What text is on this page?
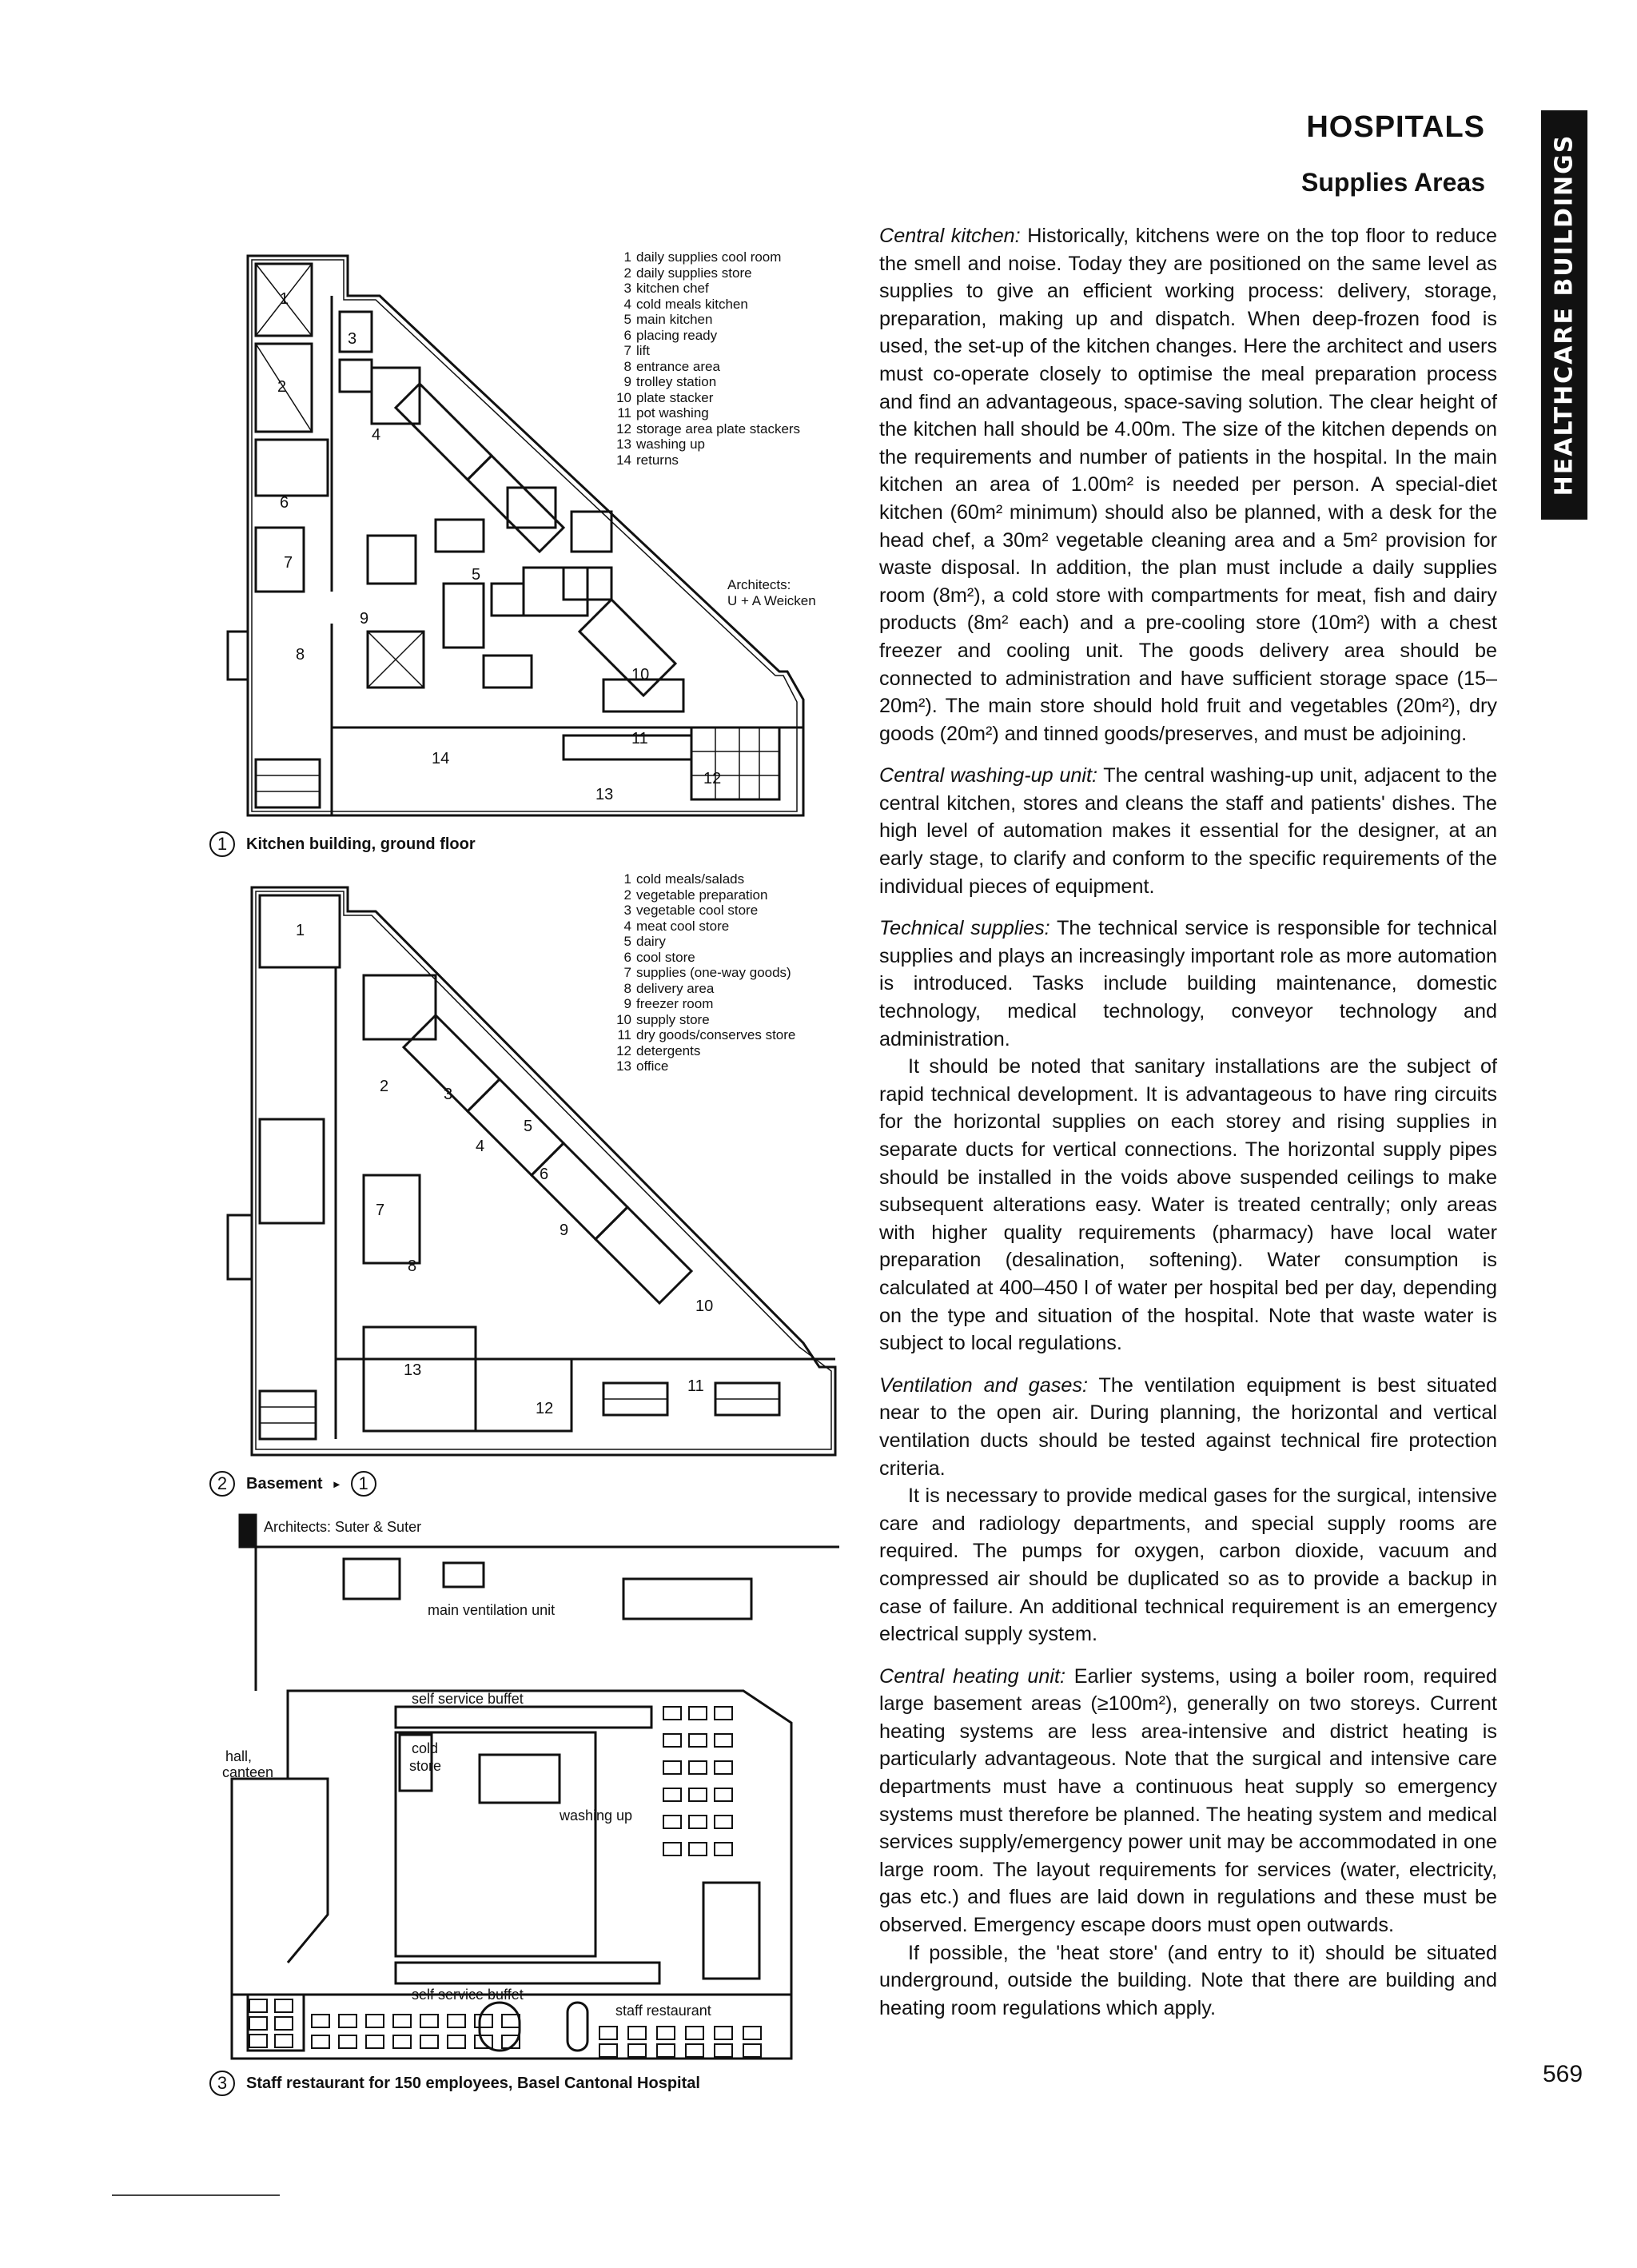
HOSPITALS
Supplies Areas	HEALTHCARE BUILDINGS
1
2
3
4
5
6
7
8
9
10
11
12
13
14
1 daily supplies cool room
2 daily supplies store
3 kitchen chef
4 cold meals kitchen
5 main kitchen
6 placing ready
7 lift
8 entrance area
9 trolley station
10 plate stacker
11 pot washing
12 storage area plate stackers
13 washing up
14 returns
Architects:
U + A Weicken
1	Kitchen building, ground floor
1
2	3
4
5
6
7
8
9
10
11
12
13
1 cold meals/salads
2 vegetable preparation
3 vegetable cool store
4 meat cool store
5 dairy
6 cool store
7 supplies (one-way goods)
8 delivery area
9 freezer room
10 supply store
11 dry goods/conserves store
12 detergents
13 office
2	Basement ▸	1
Architects: Suter & Suter
main ventilation unit
self service buffet
cold
store
washing up
self service buffet
staff restaurant
hall,
canteen
3	Staff restaurant for 150 employees, Basel Cantonal Hospital

Central kitchen: Historically, kitchens were on the top floor to reduce the smell and noise. Today they are positioned on the same level as supplies to give an efficient working process: delivery, storage, preparation, making up and dispatch. When deep-frozen food is used, the set-up of the kitchen changes. Here the architect and users must co-operate closely to optimise the meal preparation process and find an advantageous, space-saving solution. The clear height of the kitchen hall should be 4.00m. The size of the kitchen depends on the requirements and number of patients in the hospital. In the main kitchen an area of 1.00m² is needed per person. A special-diet kitchen (60m² minimum) should also be planned, with a desk for the head chef, a 30m² vegetable cleaning area and a 5m² provision for waste disposal. In addition, the plan must include a daily supplies room (8m²), a cold store with compartments for meat, fish and dairy products (8m² each) and a pre-cooling store (10m²) with a chest freezer and cooling unit. The goods delivery area should be connected to administration and have sufficient storage space (15–20m²). The main store should hold fruit and vegetables (20m²), dry goods (20m²) and tinned goods/preserves, and must be adjoining.

Central washing-up unit: The central washing-up unit, adjacent to the central kitchen, stores and cleans the staff and patients' dishes. The high level of automation makes it essential for the designer, at an early stage, to clarify and conform to the specific requirements of the individual pieces of equipment.

Technical supplies: The technical service is responsible for technical supplies and plays an increasingly important role as more automation is introduced. Tasks include building maintenance, domestic technology, medical technology, conveyor technology and administration.

It should be noted that sanitary installations are the subject of rapid technical development. It is advantageous to have ring circuits for the horizontal supplies on each storey and rising supplies in separate ducts for vertical connections. The horizontal supply pipes should be installed in the voids above suspended ceilings to make subsequent alterations easy. Water is treated centrally; only areas with higher quality requirements (pharmacy) have local water preparation (desalination, softening). Water consumption is calculated at 400–450 l of water per hospital bed per day, depending on the type and situation of the hospital. Note that waste water is subject to local regulations.

Ventilation and gases: The ventilation equipment is best situated near to the open air. During planning, the horizontal and vertical ventilation ducts should be tested against technical fire protection criteria.

It is necessary to provide medical gases for the surgical, intensive care and radiology departments, and special supply rooms are required. The pumps for oxygen, carbon dioxide, vacuum and compressed air should be duplicated so as to provide a backup in case of failure. An additional technical requirement is an emergency electrical supply system.

Central heating unit: Earlier systems, using a boiler room, required large basement areas (≥100m²), generally on two storeys. Current heating systems are less area-intensive and district heating is particularly advantageous. Note that the surgical and intensive care departments must have a continuous heat supply so emergency systems must therefore be planned. The heating system and medical services supply/emergency power unit may be accommodated in one large room. The layout requirements for services (water, electricity, gas etc.) and flues are laid down in regulations and these must be observed. Emergency escape doors must open outwards.

If possible, the 'heat store' (and entry to it) should be situated underground, outside the building. Note that there are building and heating room regulations which apply.

569
